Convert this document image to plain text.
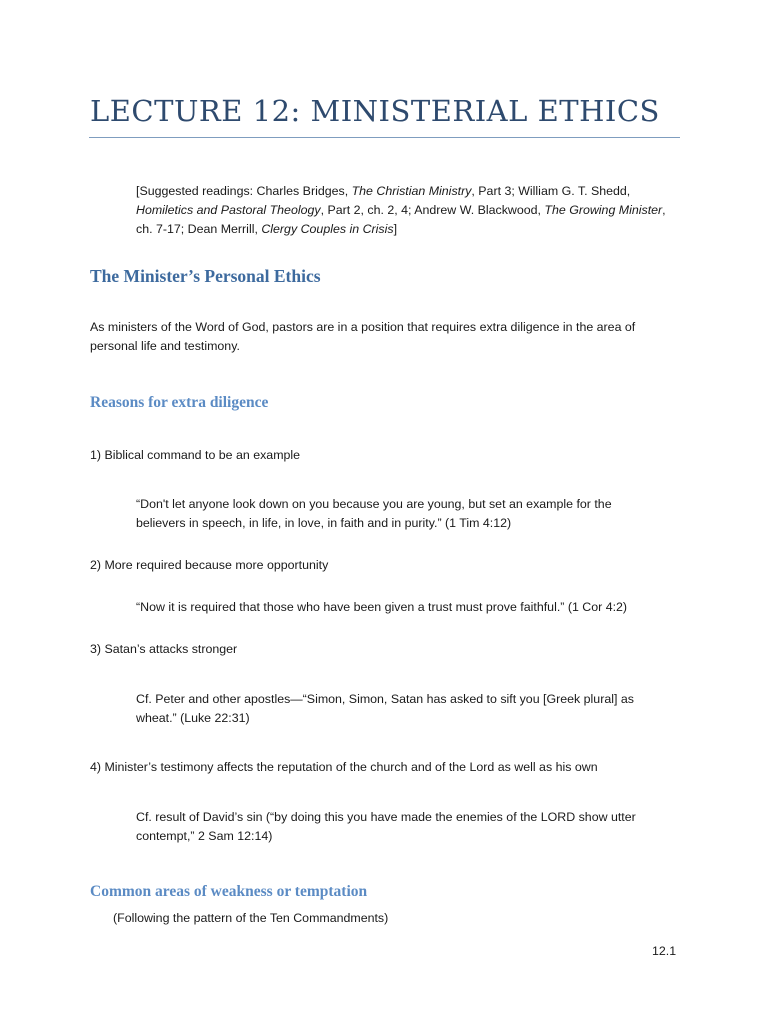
LECTURE 12: MINISTERIAL ETHICS
[Suggested readings: Charles Bridges, The Christian Ministry, Part 3; William G. T. Shedd,
Homiletics and Pastoral Theology, Part 2, ch. 2, 4; Andrew W. Blackwood, The Growing Minister,
ch. 7-17; Dean Merrill, Clergy Couples in Crisis]
The Minister’s Personal Ethics
As ministers of the Word of God, pastors are in a position that requires extra diligence in the area of
personal life and testimony.
Reasons for extra diligence
1) Biblical command to be an example
“Don't let anyone look down on you because you are young, but set an example for the
believers in speech, in life, in love, in faith and in purity.” (1 Tim 4:12)
2) More required because more opportunity
“Now it is required that those who have been given a trust must prove faithful.” (1 Cor 4:2)
3) Satan’s attacks stronger
Cf. Peter and other apostles—“Simon, Simon, Satan has asked to sift you [Greek plural] as
wheat.” (Luke 22:31)
4) Minister’s testimony affects the reputation of the church and of the Lord as well as his own
Cf. result of David’s sin (“by doing this you have made the enemies of the LORD show utter
contempt,” 2 Sam 12:14)
Common areas of weakness or temptation
(Following the pattern of the Ten Commandments)
12.1
